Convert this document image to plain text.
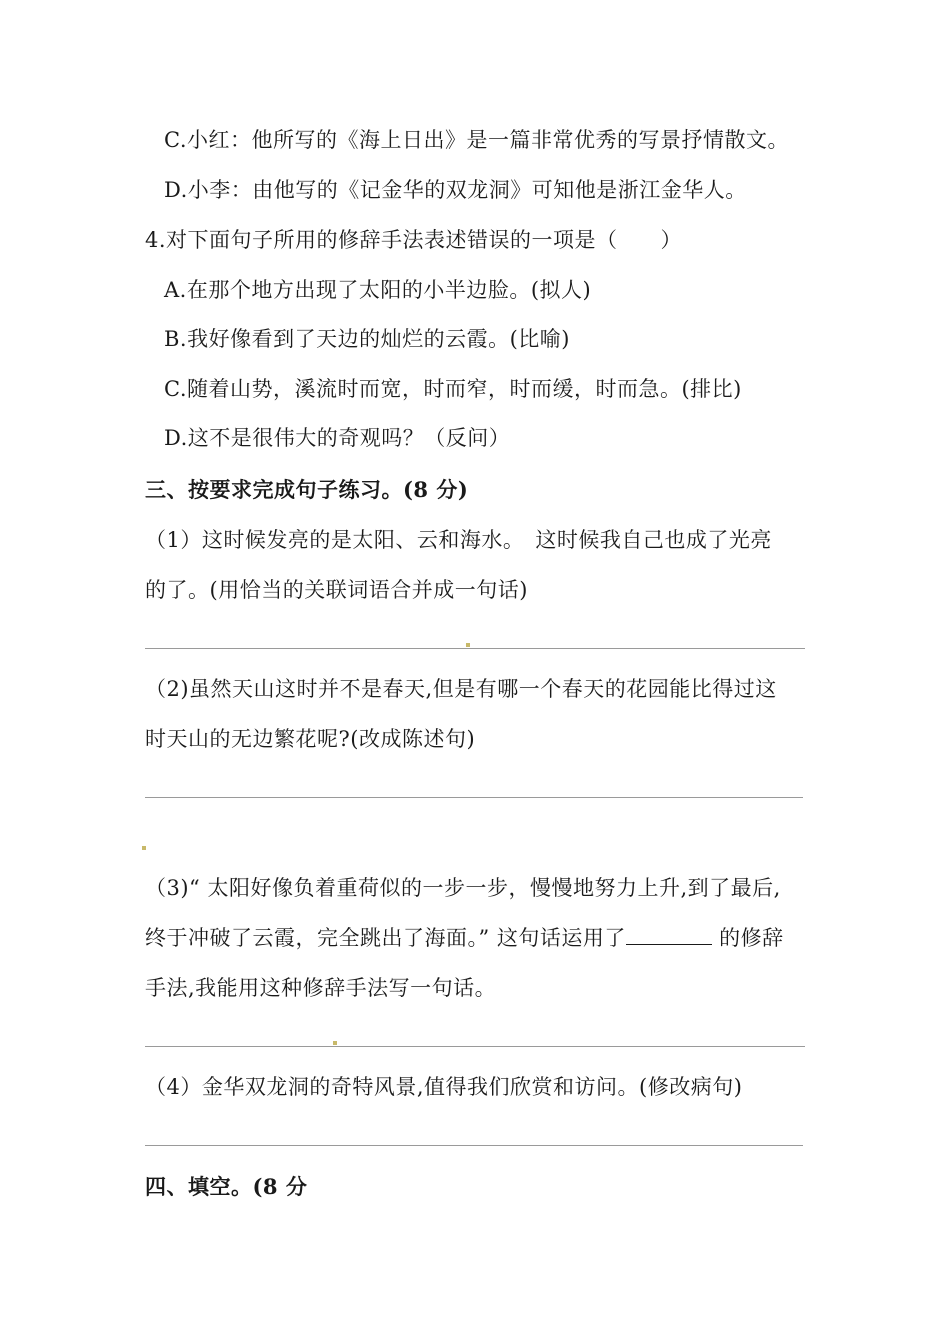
C.小红：他所写的《海上日出》是一篇非常优秀的写景抒情散文。
D.小李：由他写的《记金华的双龙洞》可知他是浙江金华人。
4.对下面句子所用的修辞手法表述错误的一项是（　　）
A.在那个地方出现了太阳的小半边脸。(拟人)
B.我好像看到了天边的灿烂的云霞。(比喻)
C.随着山势，溪流时而宽，时而窄，时而缓，时而急。(排比)
D.这不是很伟大的奇观吗？（反问）
三、按要求完成句子练习。(8 分)
（1）这时候发亮的是太阳、云和海水。　这时候我自己也成了光亮
的了。(用恰当的关联词语合并成一句话)
（2)虽然天山这时并不是春天,但是有哪一个春天的花园能比得过这
时天山的无边繁花呢?(改成陈述句)
（3)“ 太阳好像负着重荷似的一步一步，慢慢地努力上升,到了最后,
终于冲破了云霞，完全跳出了海面。” 这句话运用了	的修辞
手法,我能用这种修辞手法写一句话。
（4）金华双龙洞的奇特风景,值得我们欣赏和访问。(修改病句)
四、填空。(8 分
